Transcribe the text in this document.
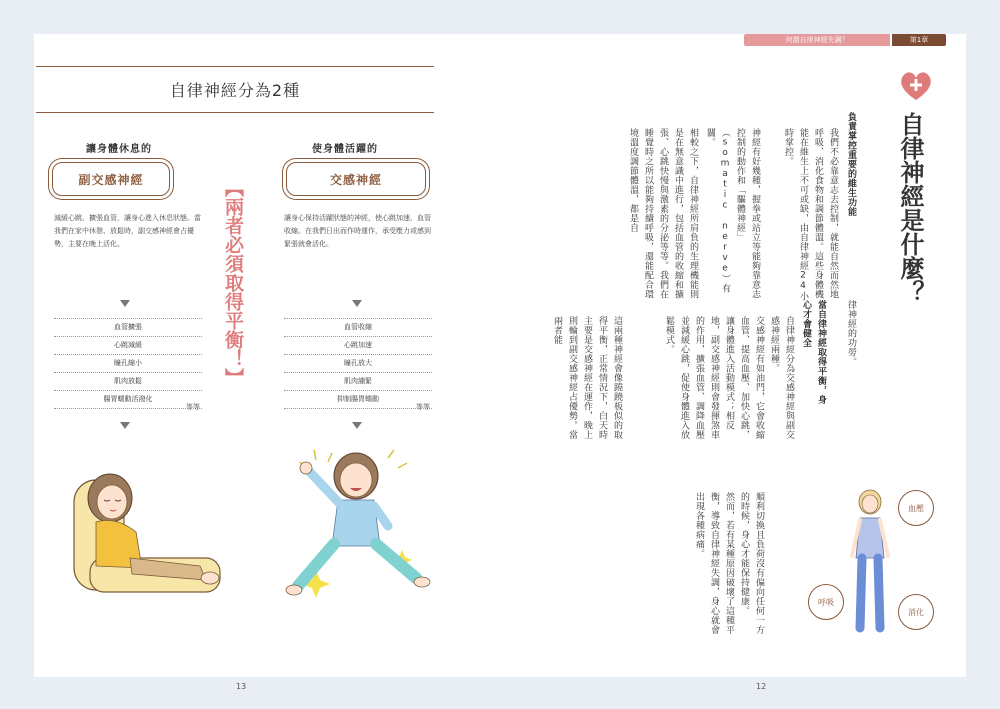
自律神經分為2種
讓身體休息的
副交感神經
減緩心跳、擴張血管，讓身心進入休息狀態。當我們在家中休憩、放鬆時，副交感神經會占優勢，主要在晚上活化。
血管擴張
心跳減緩
瞳孔縮小
肌肉放鬆
腸胃蠕動活潑化
等等
【兩者必須取得平衡！】
使身體活躍的
交感神經
讓身心保持活躍狀態的神經，使心跳加速、血管收縮。在我們日出而作時運作，承受壓力或感到緊張就會活化。
血管收縮
心跳加速
瞳孔放大
肌肉繃緊
抑制腸胃蠕動
等等
13
何謂自律神經失調？	第1章
自律神經是什麼？
負責掌控重要的維生功能
我們不必靠意志去控制，就能自然而然地呼吸、消化食物和調節體溫。這些身體機能在維生上不可或缺，由自律神經24小時掌控。
神經有好幾種，握拳或站立等能夠靠意志控制的動作和「驅體神經」（somatic nerve）有關。
相較之下，自律神經所肩負的生理機能則是在無意識中進行，包括血管的收縮和擴張、心跳快慢與激素的分泌等等。我們在睡覺時之所以能夠持續呼吸，還能配合環境溫度調節體溫，都是自
律神經的功勞。
當自律神經取得平衡，身心才會健全
自律神經分為交感神經與副交感神經兩種。
交感神經有如油門，它會收縮血管、提高血壓、加快心跳，讓身體進入活動模式；相反地，副交感神經則會發揮煞車的作用，擴張血管、調降血壓並減緩心跳，促使身體進入放鬆模式。
這兩種神經會像蹺蹺板似的取得平衡，正常情況下，白天時主要是交感神經在運作，晚上則輪到副交感神經占優勢。當兩者能
順利切換且負荷沒有偏向任何一方的時候，身心才能保持健康。
然而，若有某種原因破壞了這種平衡，導致自律神經失調，身心就會出現各種病痛。	血壓
呼吸
消化
12
